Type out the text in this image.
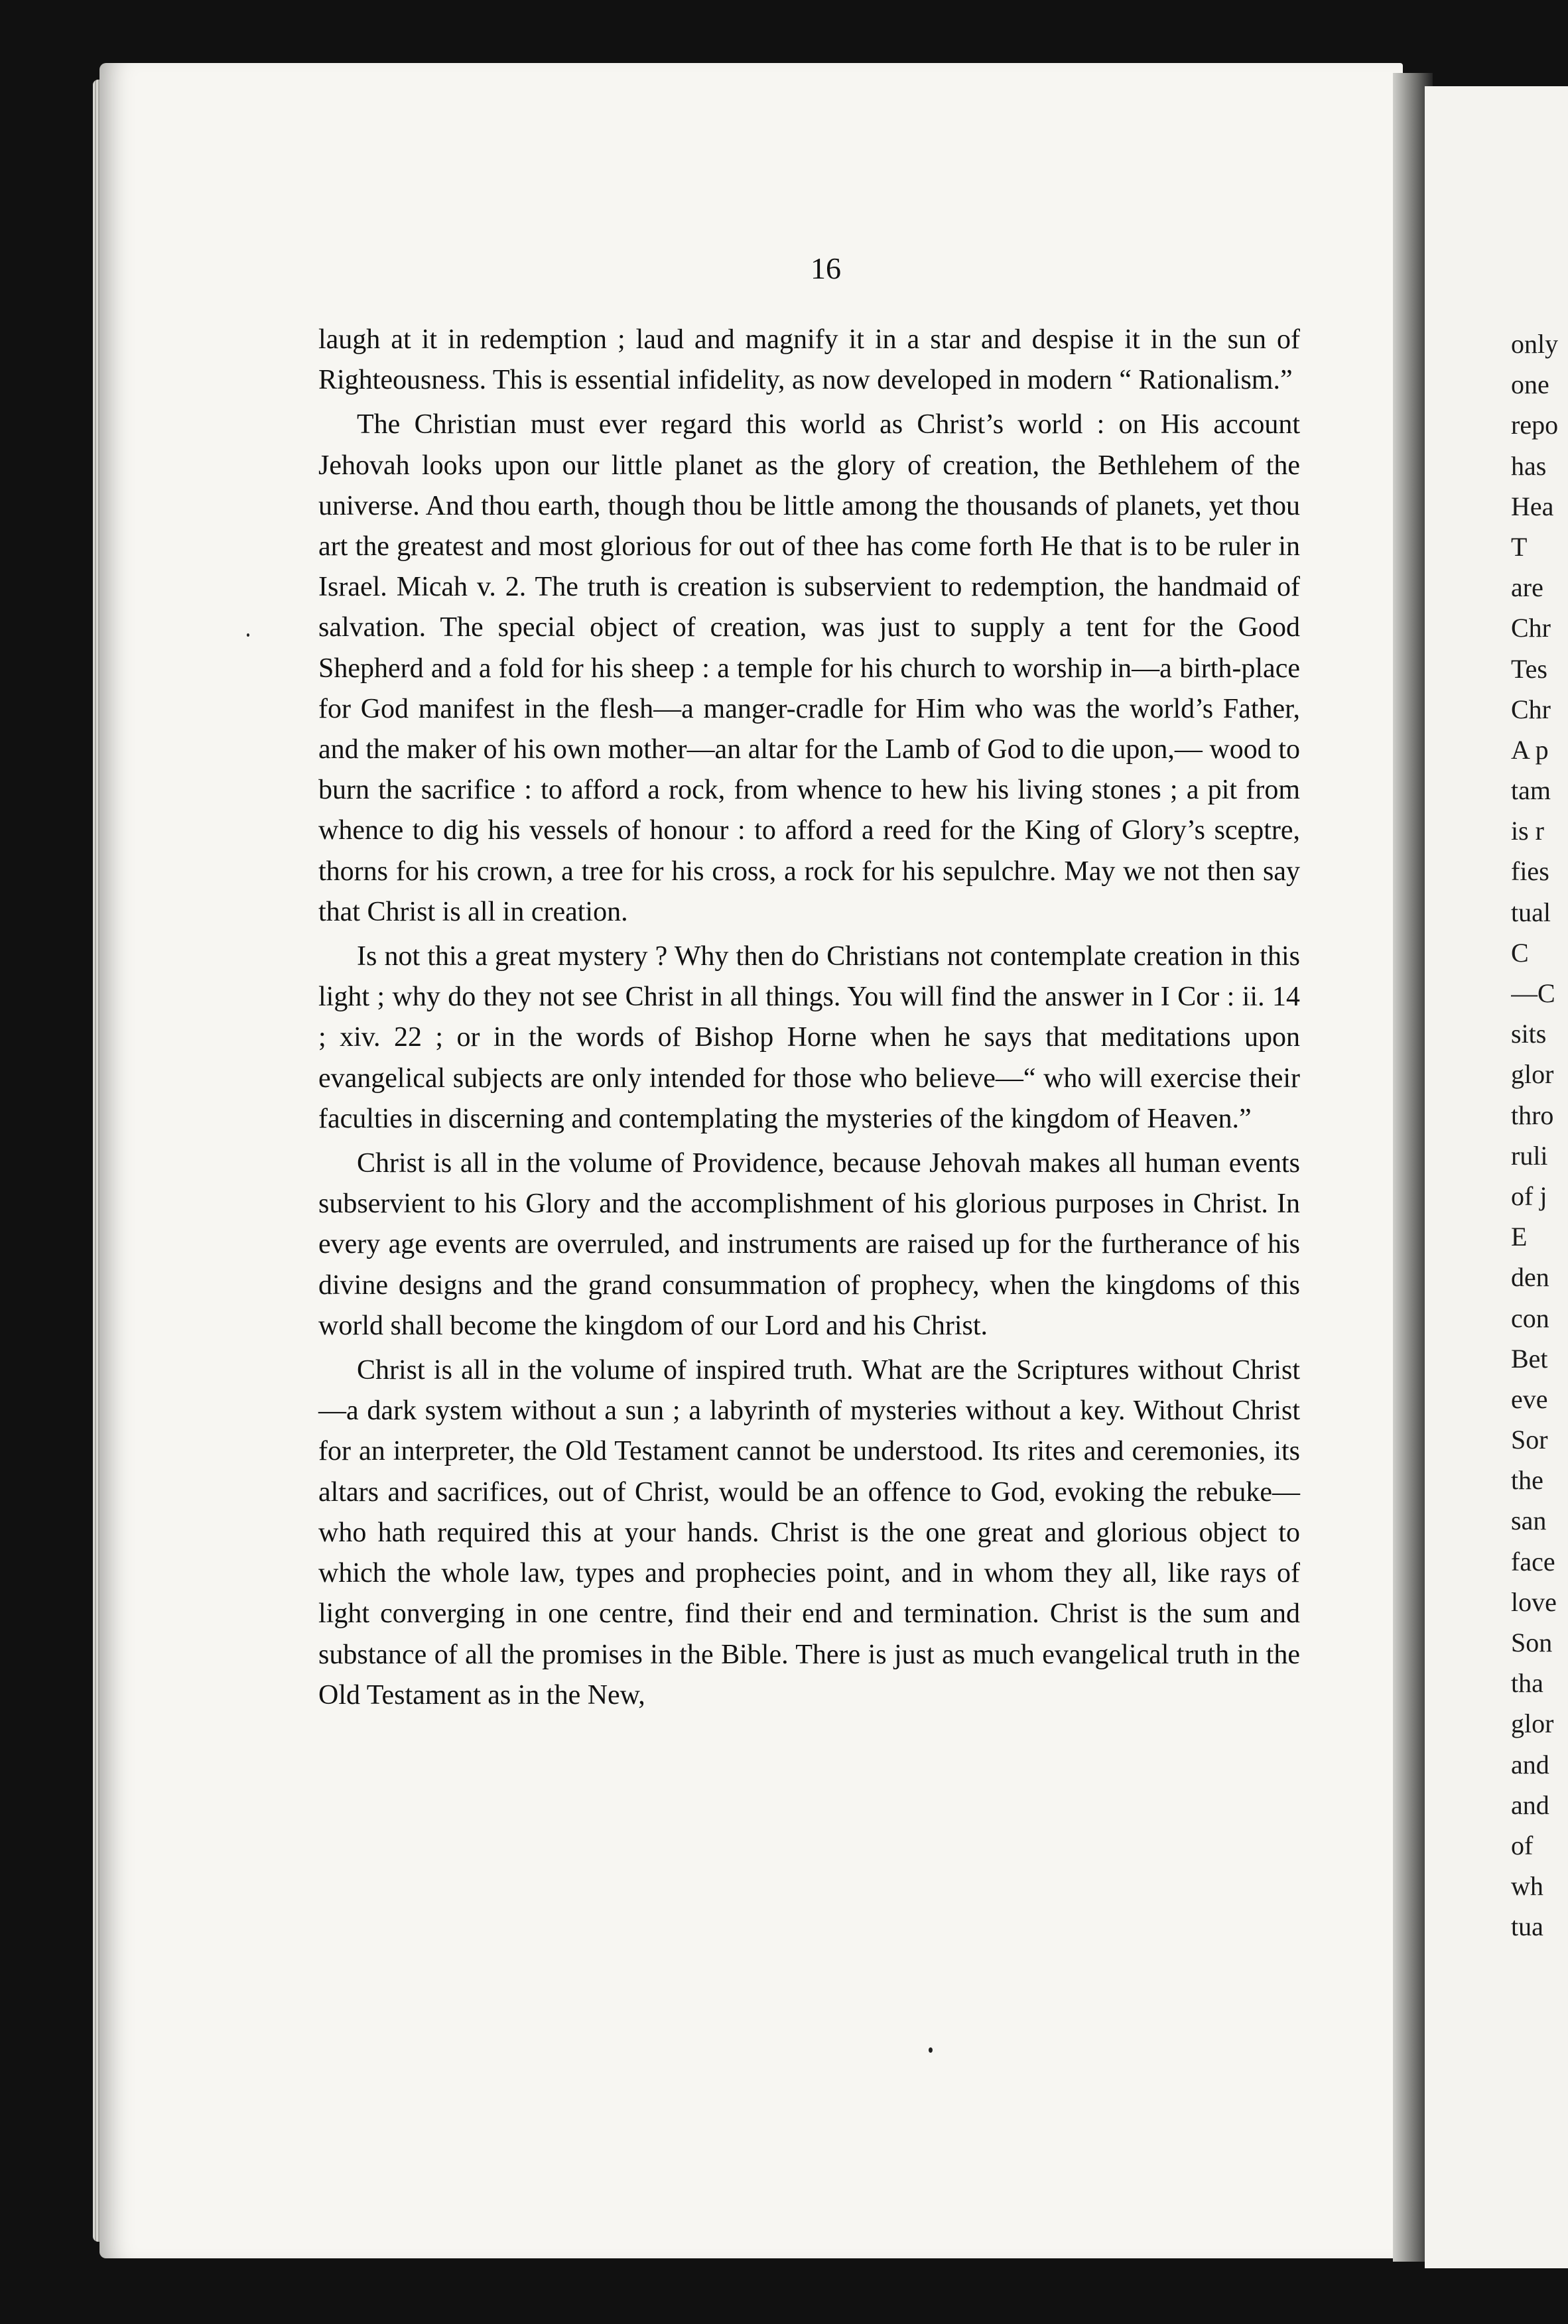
16

laugh at it in redemption ; laud and magnify it in a star and despise it in the sun of Righteousness. This is essential infidelity, as now developed in modern “ Rationalism.”

The Christian must ever regard this world as Christ’s world : on His account Jehovah looks upon our little planet as the glory of creation, the Bethlehem of the universe. And thou earth, though thou be little among the thousands of planets, yet thou art the greatest and most glorious for out of thee has come forth He that is to be ruler in Israel. Micah v. 2. The truth is creation is subservient to redemption, the handmaid of salvation. The special object of creation, was just to supply a tent for the Good Shepherd and a fold for his sheep : a temple for his church to worship in—a birth-place for God manifest in the flesh—a manger-cradle for Him who was the world’s Father, and the maker of his own mother—an altar for the Lamb of God to die upon,— wood to burn the sacrifice : to afford a rock, from whence to hew his living stones ; a pit from whence to dig his vessels of honour : to afford a reed for the King of Glory’s sceptre, thorns for his crown, a tree for his cross, a rock for his sepulchre. May we not then say that Christ is all in creation.

Is not this a great mystery ? Why then do Christians not contemplate creation in this light ; why do they not see Christ in all things. You will find the answer in I Cor : ii. 14 ; xiv. 22 ; or in the words of Bishop Horne when he says that meditations upon evangelical subjects are only intended for those who believe—“ who will exercise their faculties in discerning and contemplating the mysteries of the kingdom of Heaven.”

Christ is all in the volume of Providence, because Jehovah makes all human events subservient to his Glory and the accomplishment of his glorious purposes in Christ. In every age events are overruled, and instruments are raised up for the furtherance of his divine designs and the grand consummation of prophecy, when the kingdoms of this world shall become the kingdom of our Lord and his Christ.

Christ is all in the volume of inspired truth. What are the Scriptures without Christ—a dark system without a sun ; a labyrinth of mysteries without a key. Without Christ for an interpreter, the Old Testament cannot be understood. Its rites and ceremonies, its altars and sacrifices, out of Christ, would be an offence to God, evoking the rebuke—who hath required this at your hands. Christ is the one great and glorious object to which the whole law, types and prophecies point, and in whom they all, like rays of light converging in one centre, find their end and termination. Christ is the sum and substance of all the promises in the Bible. There is just as much evangelical truth in the Old Testament as in the New,

only
one
repo
has
Hea
T
are
Chr
Tes
Chr
A p
tam
is r
fies
tual
C
—C
sits
glor
thro
ruli
of j
E
den
con
Bet
eve
Sor
the
san
face
love
Son
tha
glor
and
and
of
wh
tua
